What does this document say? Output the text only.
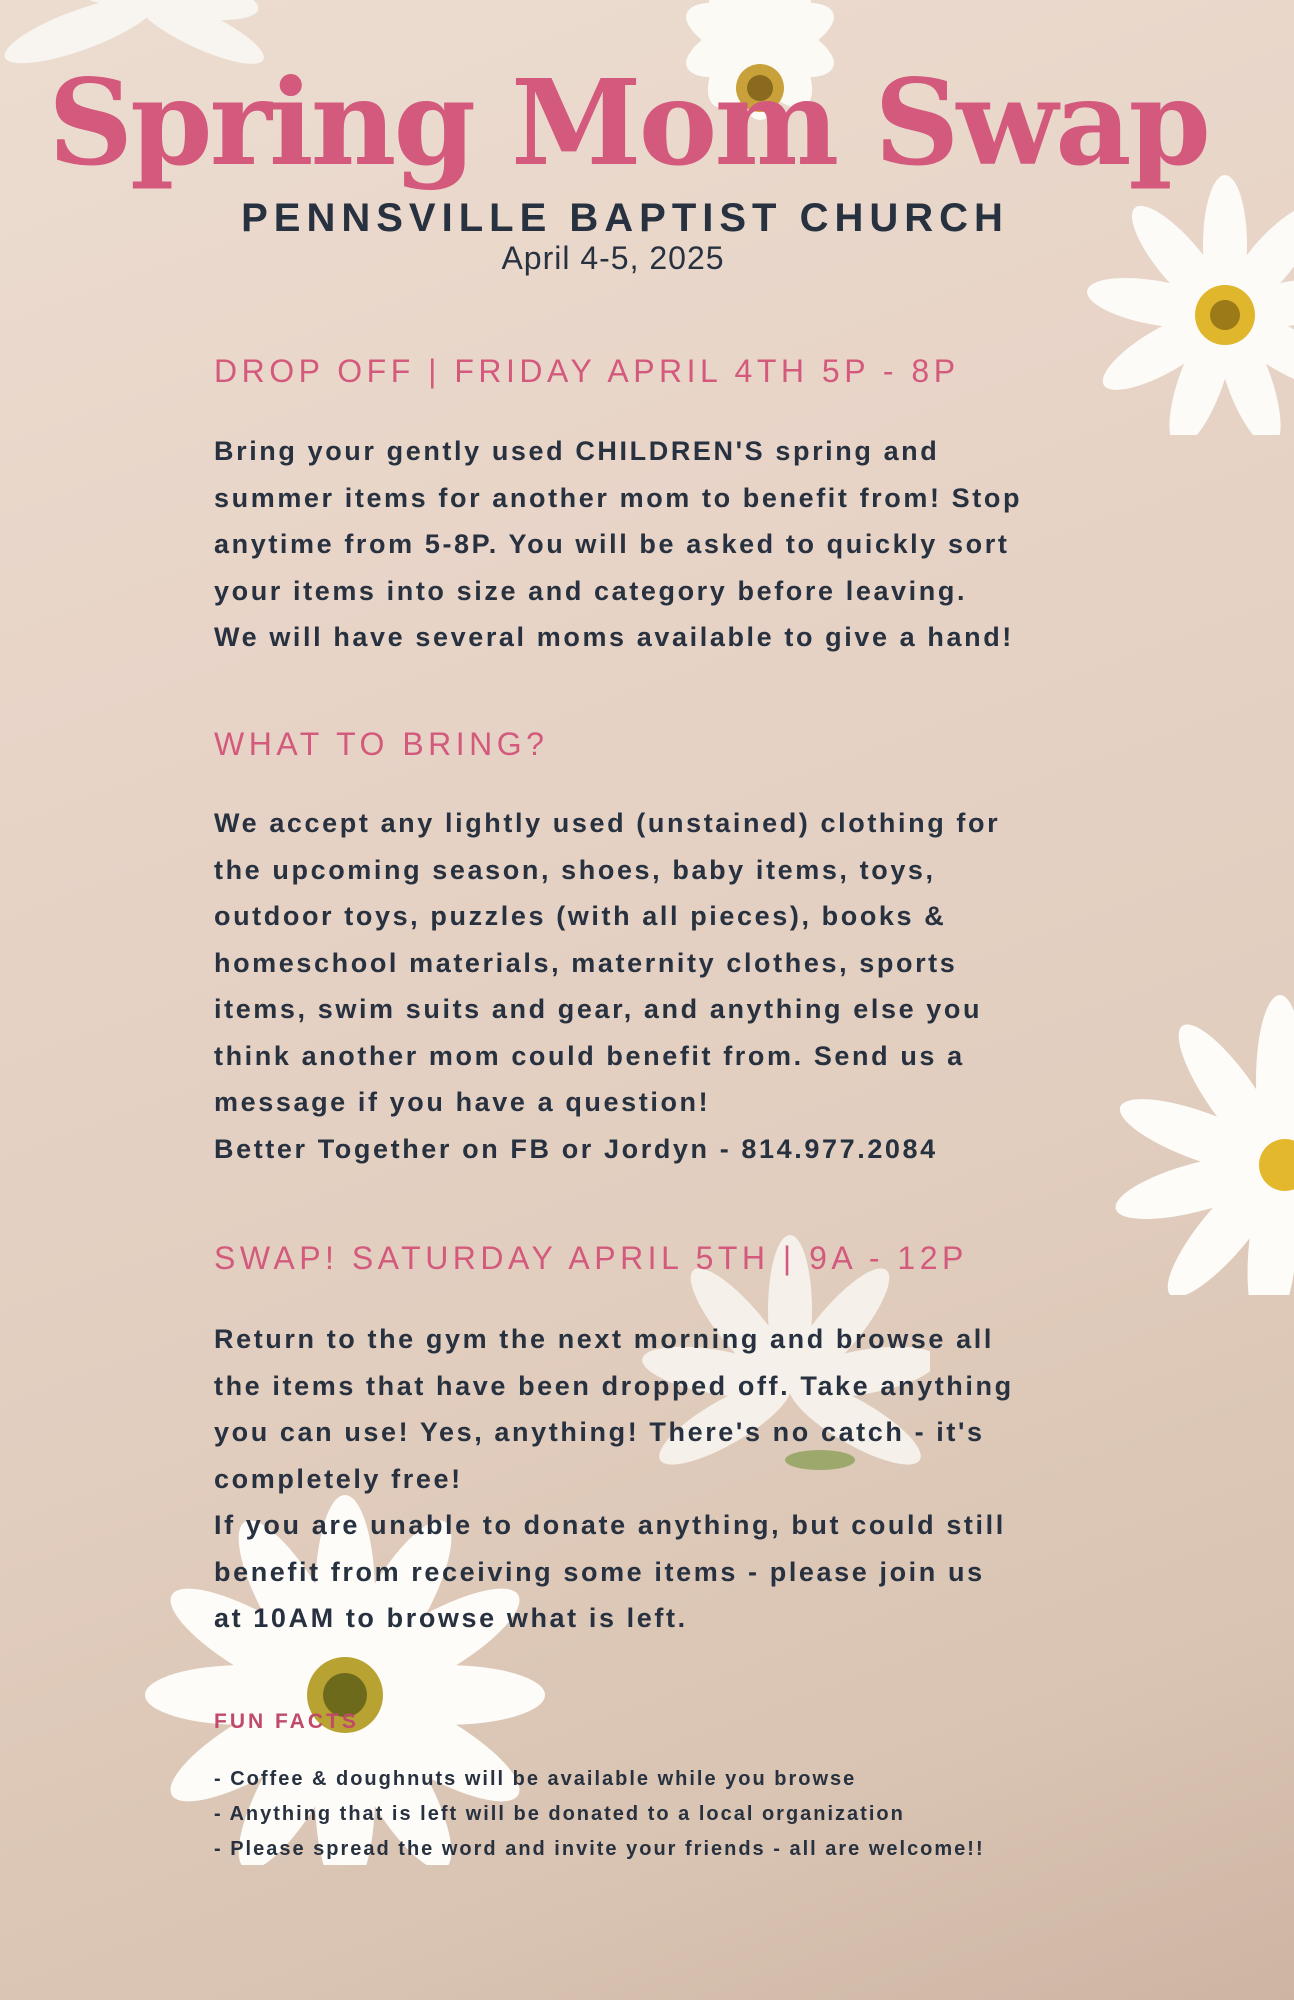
Spring Mom Swap
PENNSVILLE BAPTIST CHURCH

April 4-5, 2025

DROP OFF | FRIDAY APRIL 4TH 5P - 8P
Bring your gently used CHILDREN'S spring and
summer items for another mom to benefit from! Stop
anytime from 5-8P. You will be asked to quickly sort
your items into size and category before leaving.
We will have several moms available to give a hand!
WHAT TO BRING?
We accept any lightly used (unstained) clothing for
the upcoming season, shoes, baby items, toys,
outdoor toys, puzzles (with all pieces), books &
homeschool materials, maternity clothes, sports
items, swim suits and gear, and anything else you
think another mom could benefit from. Send us a
message if you have a question!
Better Together on FB or Jordyn - 814.977.2084
SWAP! SATURDAY APRIL 5TH | 9A - 12P
Return to the gym the next morning and browse all
the items that have been dropped off. Take anything
you can use! Yes, anything! There's no catch - it's
completely free!
If you are unable to donate anything, but could still
benefit from receiving some items - please join us
at 10AM to browse what is left.
FUN FACTS
- Coffee & doughnuts will be available while you browse
- Anything that is left will be donated to a local organization
- Please spread the word and invite your friends - all are welcome!!
